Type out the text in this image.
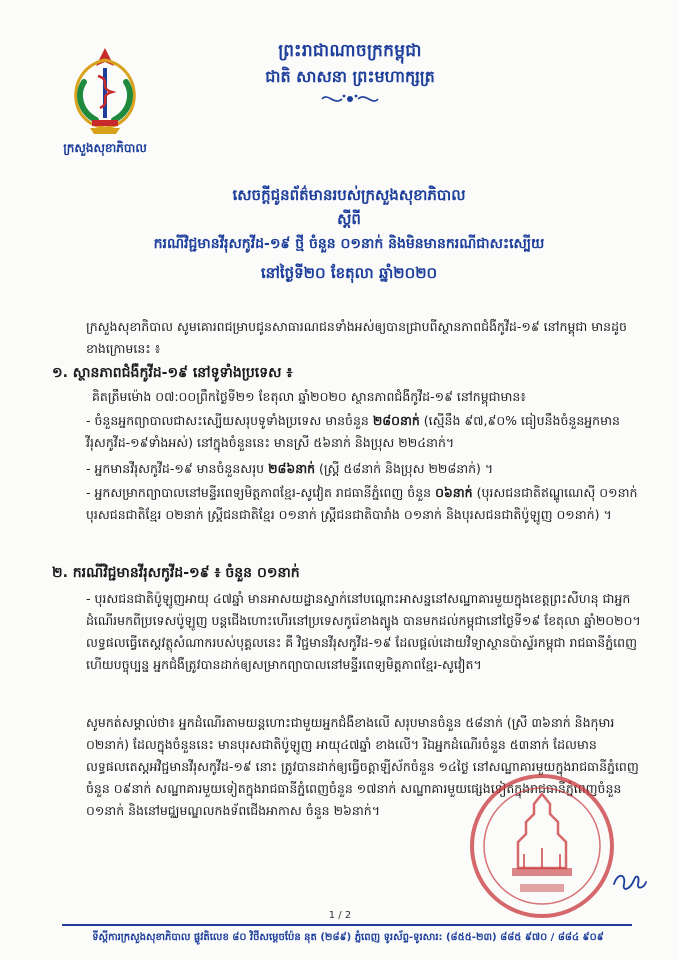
ក្រសួងសុខាភិបាល
ព្រះរាជាណាចក្រកម្ពុជា
ជាតិ សាសនា ព្រះមហាក្សត្រ
សេចក្តីជូនព័ត៌មានរបស់ក្រសួងសុខាភិបាល
ស្តីពី
ករណីវិជ្ជមានវីរុសកូវីដ-១៩ ថ្មី ចំនួន ០១នាក់ និងមិនមានករណីជាសះស្បើយ
នៅថ្ងៃទី២០ ខែតុលា ឆ្នាំ២០២០
ក្រសួងសុខាភិបាល សូមគោរពជម្រាបជូនសាធារណជនទាំងអស់ឲ្យបានជ្រាបពីស្ថានភាពជំងឺកូវីដ-១៩ នៅកម្ពុជា មានដូចខាងក្រោមនេះ ៖
១. ស្ថានភាពជំងឺកូវីដ-១៩ នៅទូទាំងប្រទេស ៖
គិតត្រឹមម៉ោង ០៧:០០ព្រឹកថ្ងៃទី២១ ខែតុលា ឆ្នាំ២០២០ ស្ថានភាពជំងឺកូវីដ-១៩ នៅកម្ពុជាមាន៖
- ចំនួនអ្នកព្យាបាលជាសះស្បើយសរុបទូទាំងប្រទេស មានចំនួន ២៨០នាក់ (ស្មើនឹង ៩៧,៩០% ធៀបនឹងចំនួនអ្នកមានវីរុសកូវីដ-១៩ទាំងអស់) នៅក្នុងចំនួននេះ មានស្រី ៥៦នាក់ និងប្រុស ២២៤នាក់។
- អ្នកមានវីរុសកូវីដ-១៩ មានចំនួនសរុប ២៨៦នាក់ (ស្ត្រី ៥៨នាក់ និងប្រុស ២២៨នាក់) ។
- អ្នកសម្រាកព្យាបាលនៅមន្ទីរពេទ្យមិត្តភាពខ្មែរ-សូវៀត រាជធានីភ្នំពេញ ចំនួន ០៦នាក់ (បុរសជនជាតិឥណ្ឌូណេស៊ី ០១នាក់ បុរសជនជាតិខ្មែរ ០២នាក់ ស្ត្រីជនជាតិខ្មែរ ០១នាក់ ស្ត្រីជនជាតិបារាំង ០១នាក់ និងបុរសជនជាតិប៉ូឡូញ ០១នាក់) ។
២. ករណីវិជ្ជមានវីរុសកូវីដ-១៩ ៖ ចំនួន ០១នាក់
- បុរសជនជាតិប៉ូឡូញអាយុ ៤៧ឆ្នាំ មានអាសយដ្ឋានស្នាក់នៅបណ្តោះអាសន្ននៅសណ្ឋាគារមួយក្នុងខេត្តព្រះសីហនុ ជាអ្នកដំណើរមកពីប្រទេសប៉ូឡូញ បន្តជើងហោះហើរនៅប្រទេសកូរ៉េខាងត្បូង បានមកដល់កម្ពុជានៅថ្ងៃទី១៩ ខែតុលា ឆ្នាំ២០២០។ លទ្ធផលធ្វើតេស្តវត្ថុសំណាករបស់បុគ្គលនេះ គឺ វិជ្ជមានវីរុសកូវីដ-១៩ ដែលផ្តល់ដោយវិទ្យាស្ថានប៉ាស្ទ័រកម្ពុជា រាជធានីភ្នំពេញ ហើយបច្ចុប្បន្ន អ្នកជំងឺត្រូវបានដាក់ឲ្យសម្រាកព្យាបាលនៅមន្ទីរពេទ្យមិត្តភាពខ្មែរ-សូវៀត។
សូមកត់សម្គាល់ថា៖ អ្នកដំណើរតាមយន្តហោះជាមួយអ្នកជំងឺខាងលើ សរុបមានចំនួន ៥៨នាក់ (ស្រី ៣៦នាក់ និងកុមារ ០២នាក់) ដែលក្នុងចំនួននេះ មានបុរសជាតិប៉ូឡូញ អាយុ៤៧ឆ្នាំ ខាងលើ។ រីឯអ្នកដំណើរចំនួន ៥៣នាក់ ដែលមានលទ្ធផលតេស្តអវិជ្ជមានវីរុសកូវីដ-១៩ នោះ ត្រូវបានដាក់ឲ្យធ្វើចត្តាឡីស័កចំនួន ១៤ថ្ងៃ នៅសណ្ឋាគារមួយក្នុងរាជធានីភ្នំពេញចំនួន ០៩នាក់ សណ្ឋាគារមួយទៀតក្នុងរាជធានីភ្នំពេញចំនួន ១៧នាក់ សណ្ឋាគារមួយផ្សេងទៀតក្នុងរាជធានីភ្នំពេញចំនួន ០១នាក់ និងនៅមជ្ឈមណ្ឌលកងទ័ពជើងអាកាស ចំនួន ២៦នាក់។
1 / 2
ទីស្តីការក្រសួងសុខាភិបាល ផ្លូវតិលេខ ៨០ វិថីសម្តេចប៉ែន នុត (២៨៩) ភ្នំពេញ ទូរស័ព្ទ-ទូរសារ: (៨៥៥-២៣) ៨៨៥ ៩៧០ / ៨៨៤ ៩០៩
